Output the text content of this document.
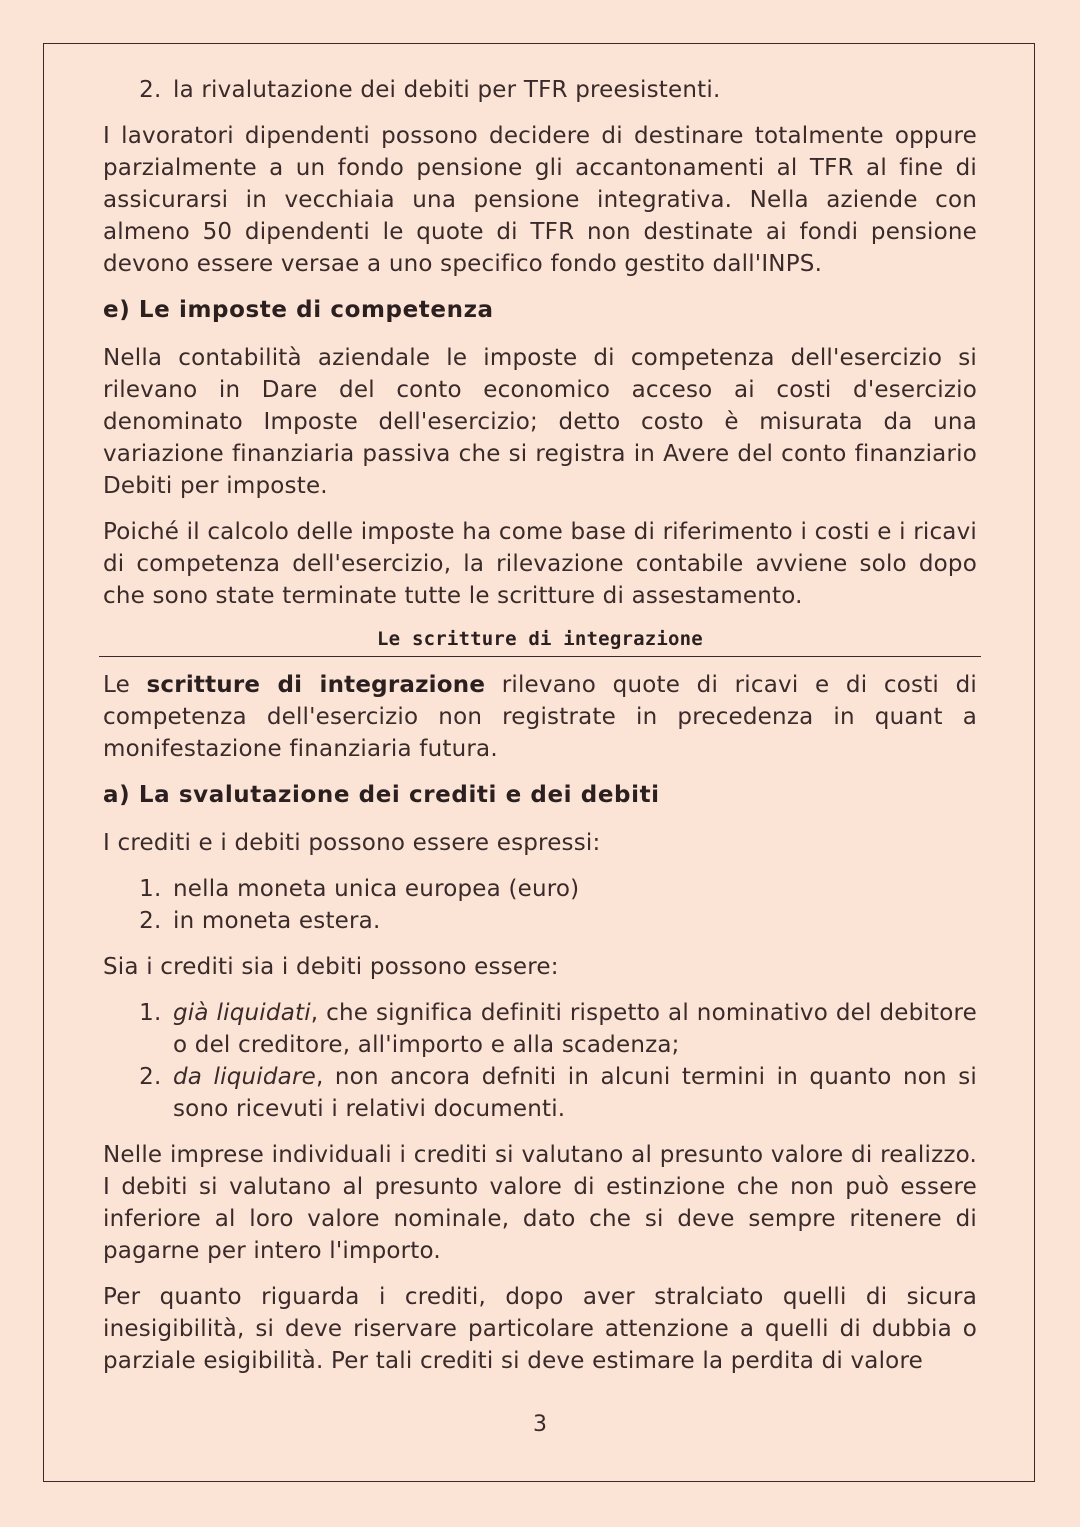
2. la rivalutazione dei debiti per TFR preesistenti.

I lavoratori dipendenti possono decidere di destinare totalmente oppure parzialmente a un fondo pensione gli accantonamenti al TFR al fine di assicurarsi in vecchiaia una pensione integrativa. Nella aziende con almeno 50 dipendenti le quote di TFR non destinate ai fondi pensione devono essere versae a uno specifico fondo gestito dall'INPS.

e) Le imposte di competenza

Nella contabilità aziendale le imposte di competenza dell'esercizio si rilevano in Dare del conto economico acceso ai costi d'esercizio denominato Imposte dell'esercizio; detto costo è misurata da una variazione finanziaria passiva che si registra in Avere del conto finanziario Debiti per imposte.

Poiché il calcolo delle imposte ha come base di riferimento i costi e i ricavi di competenza dell'esercizio, la rilevazione contabile avviene solo dopo che sono state terminate tutte le scritture di assestamento.

Le scritture di integrazione

Le scritture di integrazione rilevano quote di ricavi e di costi di competenza dell'esercizio non registrate in precedenza in quant a monifestazione finanziaria futura.

a) La svalutazione dei crediti e dei debiti

I crediti e i debiti possono essere espressi:

1. nella moneta unica europea (euro)
2. in moneta estera.

Sia i crediti sia i debiti possono essere:

1. già liquidati, che significa definiti rispetto al nominativo del debitore o del creditore, all'importo e alla scadenza;
2. da liquidare, non ancora defniti in alcuni termini in quanto non si sono ricevuti i relativi documenti.

Nelle imprese individuali i crediti si valutano al presunto valore di realizzo. I debiti si valutano al presunto valore di estinzione che non può essere inferiore al loro valore nominale, dato che si deve sempre ritenere di pagarne per intero l'importo.

Per quanto riguarda i crediti, dopo aver stralciato quelli di sicura inesigibilità, si deve riservare particolare attenzione a quelli di dubbia o parziale esigibilità. Per tali crediti si deve estimare la perdita di valore

3
